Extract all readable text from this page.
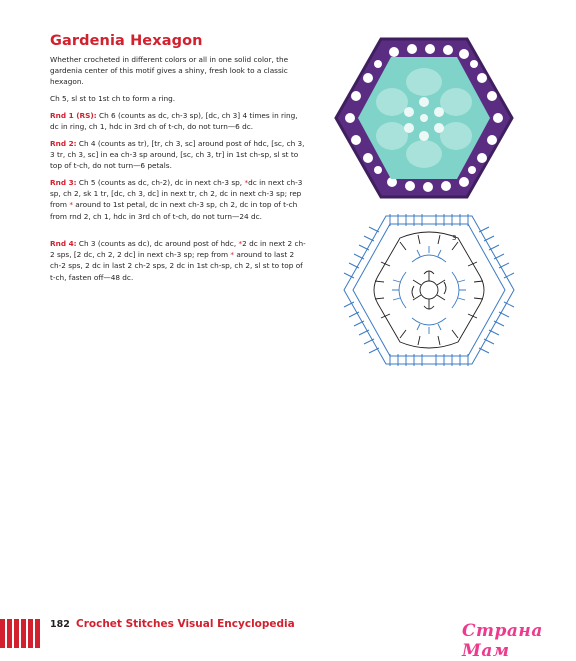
Gardenia Hexagon

Whether crocheted in different colors or all in one solid color, the gardenia center of this motif gives a shiny, fresh look to a classic hexagon.

Ch 5, sl st to 1st ch to form a ring.

Rnd 1 (RS): Ch 6 (counts as dc, ch-3 sp), [dc, ch 3] 4 times in ring, dc in ring, ch 1, hdc in 3rd ch of t-ch, do not turn—6 dc.

Rnd 2: Ch 4 (counts as tr), [tr, ch 3, sc] around post of hdc, [sc, ch 3, 3 tr, ch 3, sc] in ea ch-3 sp around, [sc, ch 3, tr] in 1st ch-sp, sl st to top of t-ch, do not turn—6 petals.

Rnd 3: Ch 5 (counts as dc, ch-2), dc in next ch-3 sp, *dc in next ch-3 sp, ch 2, sk 1 tr, [dc, ch 3, dc] in next tr, ch 2, dc in next ch-3 sp; rep from * around to 1st petal, dc in next ch-3 sp, ch 2, dc in top of t-ch from rnd 2, ch 1, hdc in 3rd ch of t-ch, do not turn—24 dc.

Rnd 4: Ch 3 (counts as dc), dc around post of hdc, *2 dc in next 2 ch-2 sps, [2 dc, ch 2, 2 dc] in next ch-3 sp; rep from * around to last 2 ch-2 sps, 2 dc in last 2 ch-2 sps, 2 dc in 1st ch-sp, ch 2, sl st to top of t-ch, fasten off—48 dc.

3
182 Crochet Stitches Visual Encyclopedia	Страна Мам
